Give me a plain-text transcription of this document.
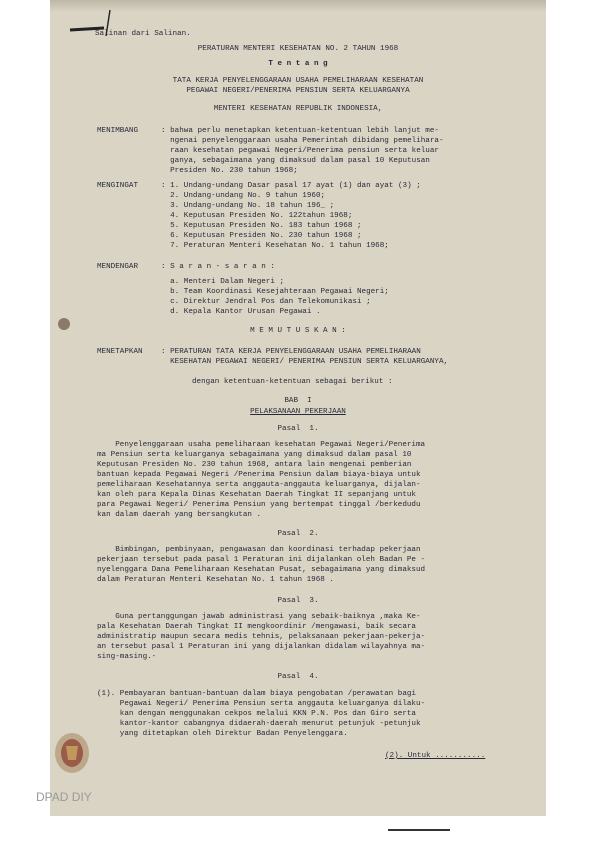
Salinan dari Salinan.
PERATURAN MENTERI KESEHATAN NO. 2 TAHUN 1968
T e n t a n g
TATA KERJA PENYELENGGARAAN USAHA PEMELIHARAAN KESEHATAN
PEGAWAI NEGERI/PENERIMA PENSIUN SERTA KELUARGANYA
MENTERI KESEHATAN REPUBLIK INDONESIA,
MENIMBANG	: bahwa perlu menetapkan ketentuan-ketentuan lebih lanjut me-
ngenai penyelenggaraan usaha Pemerintah dibidang pemelihara-
raan kesehatan pegawai Negeri/Penerima pensiun serta keluar
ganya, sebagaimana yang dimaksud dalam pasal 10 Keputusan
Presiden No. 230 tahun 1968;
MENGINGAT	: 1. Undang-undang Dasar pasal 17 ayat (1) dan ayat (3) ;
2. Undang-undang No. 9 tahun 1960;
3. Undang-undang No. 18 tahun 196_ ;
4. Keputusan Presiden No. 122tahun 1968;
5. Keputusan Presiden No. 183 tahun 1968 ;
6. Keputusan Presiden No. 230 tahun 1968 ;
7. Peraturan Menteri Kesehatan No. 1 tahun 1968;
MENDENGAR	: S a r a n - s a r a n :
a. Menteri Dalam Negeri ;
b. Team Koordinasi Kesejahteraan Pegawai Negeri;
c. Direktur Jendral Pos dan Telekomunikasi ;
d. Kepala Kantor Urusan Pegawai .
M E M U T U S K A N :
MENETAPKAN : PERATURAN TATA KERJA PENYELENGGARAAN USAHA PEMELIHARAAN
KESEHATAN PEGAWAI NEGERI/ PENERIMA PENSIUN SERTA KELUARGANYA,
dengan ketentuan-ketentuan sebagai berikut :
BAB  I
PELAKSANAAN PEKERJAAN
Pasal  1.
Penyelenggaraan usaha pemeliharaan kesehatan Pegawai Negeri/Penerima
ma Pensiun serta keluarganya sebagaimana yang dimaksud dalam pasal 10
Keputusan Presiden No. 230 tahun 1968, antara lain mengenai pemberian
bantuan kepada Pegawai Negeri /Penerima Pensiun dalam biaya-biaya untuk
pemeliharaan Kesehatannya serta anggauta-anggauta keluarganya, dijalan-
kan oleh para Kepala Dinas Kesehatan Daerah Tingkat II sepanjang untuk
para Pegawai Negeri/ Penerima Pensiun yang bertempat tinggal /berkedudu
kan dalam daerah yang bersangkutan .
Pasal  2.
Bimbingan, pembinyaan, pengawasan dan koordinasi terhadap pekerjaan
pekerjaan tersebut pada pasal 1 Peraturan ini dijalankan oleh Badan Pe -
nyelenggara Dana Pemeliharaan Kesehatan Pusat, sebagaimana yang dimaksud
dalam Peraturan Menteri Kesehatan No. 1 tahun 1968 .
Pasal  3.
Guna pertanggungan jawab administrasi yang sebaik-baiknya ,maka Ke-
pala Kesehatan Daerah Tingkat II mengkoordinir /mengawasi, baik secara
administratip maupun secara medis tehnis, pelaksanaan pekerjaan-pekerja-
an tersebut pasal 1 Peraturan ini yang dijalankan didalam wilayahnya ma-
sing-masing.-
Pasal  4.
(1). Pembayaran bantuan-bantuan dalam biaya pengobatan /perawatan bagi
Pegawai Negeri/ Penerima Pensiun serta anggauta keluarganya dilaku-
kan dengan menggunakan cekpos melalui KKN P.N. Pos dan Giro serta
kantor-kantor cabangnya didaerah-daerah menurut petunjuk -petunjuk
yang ditetapkan oleh Direktur Badan Penyelenggara.
(2). Untuk ...........
DPAD DIY
